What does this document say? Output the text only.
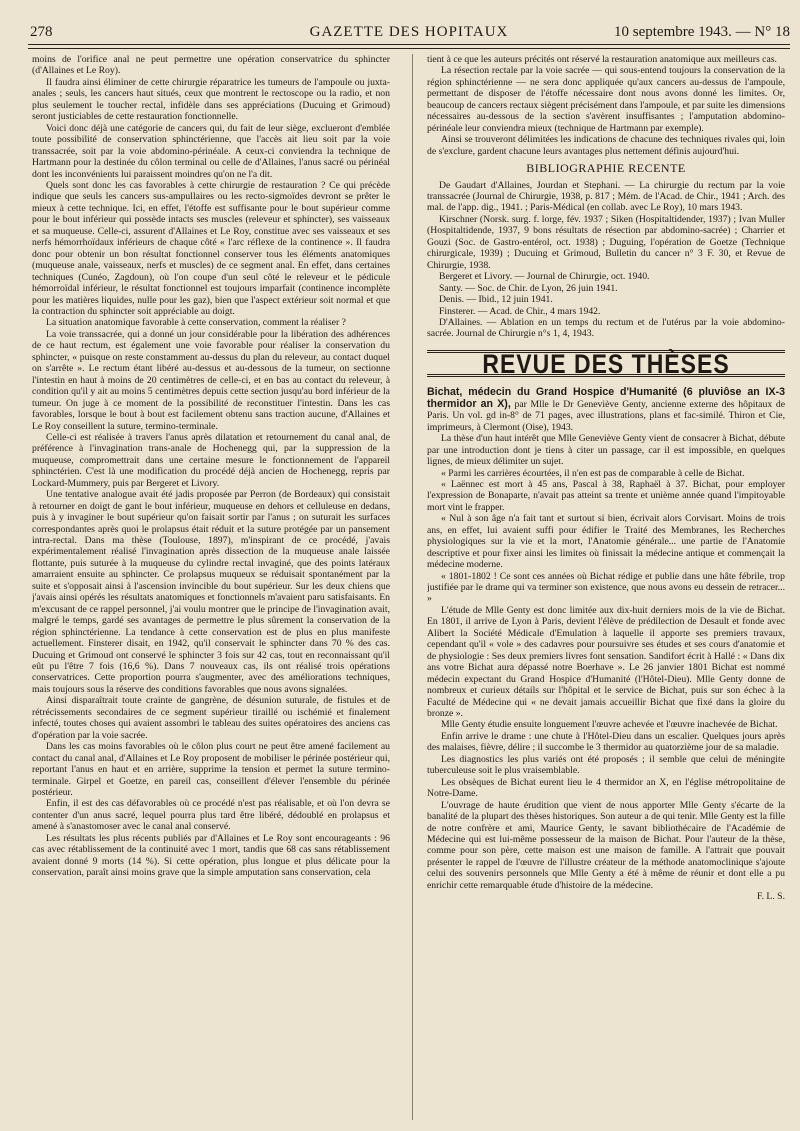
278	GAZETTE DES HOPITAUX	10 septembre 1943. — N° 18

moins de l'orifice anal ne peut permettre une opération conservatrice du sphincter (d'Allaines et Le Roy).

Il faudra ainsi éliminer de cette chirurgie réparatrice les tumeurs de l'ampoule ou juxta-anales ; seuls, les cancers haut situés, ceux que montrent le rectoscope ou la radio, et non plus seulement le toucher rectal, infidèle dans ses appréciations (Ducuing et Grimoud) seront justiciables de cette restauration fonctionnelle.

Voici donc déjà une catégorie de cancers qui, du fait de leur siège, exclueront d'emblée toute possibilité de conservation sphinctérienne, que l'accès ait lieu soit par la voie transsacrée, soit par la voie abdomino-périnéale. A ceux-ci conviendra la technique de Hartmann pour la destinée du côlon terminal ou celle de d'Allaines, l'anus sacré ou périnéal dont les inconvénients lui paraissent moindres qu'on ne l'a dit.

Quels sont donc les cas favorables à cette chirurgie de restauration ? Ce qui précède indique que seuls les cancers sus-ampullaires ou les recto-sigmoïdes devront se prêter le mieux à cette technique. Ici, en effet, l'étoffe est suffisante pour le bout supérieur comme pour le bout inférieur qui possède intacts ses muscles (releveur et sphincter), ses vaisseaux et sa muqueuse. Celle-ci, assurent d'Allaines et Le Roy, constitue avec ses vaisseaux et ses nerfs hémorrhoïdaux inférieurs de chaque côté « l'arc réflexe de la continence ». Il faudra donc pour obtenir un bon résultat fonctionnel conserver tous les éléments anatomiques (muqueuse anale, vaisseaux, nerfs et muscles) de ce segment anal. En effet, dans certaines techniques (Cunéo, Zagdoun), où l'on coupe d'un seul côté le releveur et le pédicule hémorroïdal inférieur, le résultat fonctionnel est toujours imparfait (continence incomplète pour les matières liquides, nulle pour les gaz), bien que l'aspect extérieur soit normal et que la contraction du sphincter soit appréciable au doigt.

La situation anatomique favorable à cette conservation, comment la réaliser ?

La voie transsacrée, qui a donné un jour considérable pour la libération des adhérences de ce haut rectum, est également une voie favorable pour réaliser la conservation du sphincter, « puisque on reste constamment au-dessus du plan du releveur, au contact duquel on s'arrête ». Le rectum étant libéré au-dessus et au-dessous de la tumeur, on sectionne l'intestin en haut à moins de 20 centimètres de celle-ci, et en bas au contact du releveur, à condition qu'il y ait au moins 5 centimètres depuis cette section jusqu'au bord inférieur de la tumeur. On juge à ce moment de la possibilité de reconstituer l'intestin. Dans les cas favorables, lorsque le bout à bout est facilement obtenu sans traction aucune, d'Allaines et Le Roy conseillent la suture, termino-terminale.

Celle-ci est réalisée à travers l'anus après dilatation et retournement du canal anal, de préférence à l'invagination trans-anale de Hochenegg qui, par la suppression de la muqueuse, compromettrait dans une certaine mesure le fonctionnement de l'appareil sphinctérien. C'est là une modification du procédé déjà ancien de Hochenegg, repris par Lockard-Mummery, puis par Bergeret et Livory.

Une tentative analogue avait été jadis proposée par Perron (de Bordeaux) qui consistait à retourner en doigt de gant le bout inférieur, muqueuse en dehors et celluleuse en dedans, puis à y invaginer le bout supérieur qu'on faisait sortir par l'anus ; on suturait les surfaces correspondantes après quoi le prolapsus était réduit et la suture protégée par un pansement intra-rectal. Dans ma thèse (Toulouse, 1897), m'inspirant de ce procédé, j'avais expérimentalement réalisé l'invagination après dissection de la muqueuse anale laissée flottante, puis suturée à la muqueuse du cylindre rectal invaginé, que des points latéraux amarraient ensuite au sphincter. Ce prolapsus muqueux se réduisait spontanément par la suite et s'opposait ainsi à l'ascension invincible du bout supérieur. Sur les deux chiens que j'avais ainsi opérés les résultats anatomiques et fonctionnels m'avaient paru satisfaisants. En m'excusant de ce rappel personnel, j'ai voulu montrer que le principe de l'invagination avait, malgré le temps, gardé ses avantages de permettre le plus sûrement la conservation de la région sphinctérienne. La tendance à cette conservation est de plus en plus manifeste actuellement. Finsterer disait, en 1942, qu'il conservait le sphincter dans 70 % des cas. Ducuing et Grimoud ont conservé le sphincter 3 fois sur 42 cas, tout en reconnaissant qu'il eût pu l'être 7 fois (16,6 %). Dans 7 nouveaux cas, ils ont réalisé trois opérations conservatrices. Cette proportion pourra s'augmenter, avec des améliorations techniques, mais toujours sous la réserve des conditions favorables que nous avons signalées.

Ainsi disparaîtrait toute crainte de gangrène, de désunion suturale, de fistules et de rétrécissements secondaires de ce segment supérieur tiraillé ou ischémié et finalement infecté, toutes choses qui avaient assombri le tableau des suites opératoires des anciens cas d'opération par la voie sacrée.

Dans les cas moins favorables où le côlon plus court ne peut être amené facilement au contact du canal anal, d'Allaines et Le Roy proposent de mobiliser le périnée postérieur qui, reportant l'anus en haut et en arrière, supprime la tension et permet la suture termino-terminale. Girpel et Goetze, en pareil cas, conseillent d'élever l'ensemble du périnée postérieur.

Enfin, il est des cas défavorables où ce procédé n'est pas réalisable, et où l'on devra se contenter d'un anus sacré, lequel pourra plus tard être libéré, dédoublé en prolapsus et amené à s'anastomoser avec le canal anal conservé.

Les résultats les plus récents publiés par d'Allaines et Le Roy sont encourageants : 96 cas avec rétablissement de la continuité avec 1 mort, tandis que 68 cas sans rétablissement avaient donné 9 morts (14 %). Si cette opération, plus longue et plus délicate pour la conservation, paraît ainsi moins grave que la simple amputation sans conservation, cela

tient à ce que les auteurs précités ont réservé la restauration anatomique aux meilleurs cas.

La résection rectale par la voie sacrée — qui sous-entend toujours la conservation de la région sphinctérienne — ne sera donc appliquée qu'aux cancers au-dessus de l'ampoule, permettant de disposer de l'étoffe nécessaire dont nous avons donné les limites. Or, beaucoup de cancers rectaux siègent précisément dans l'ampoule, et par suite les dimensions nécessaires au-dessous de la section s'avèrent insuffisantes ; l'amputation abdomino-périnéale leur conviendra mieux (technique de Hartmann par exemple).

Ainsi se trouveront délimitées les indications de chacune des techniques rivales qui, loin de s'exclure, gardent chacune leurs avantages plus nettement définis aujourd'hui.

BIBLIOGRAPHIE RECENTE

De Gaudart d'Allaines, Jourdan et Stephani. — La chirurgie du rectum par la voie transsacrée (Journal de Chirurgie, 1938, p. 817 ; Mém. de l'Acad. de Chir., 1941 ; Arch. des mal. de l'app. dig., 1941. ; Paris-Médical (en collab. avec Le Roy), 10 mars 1943.

Kirschner (Norsk. surg. f. lorge, fév. 1937 ; Siken (Hospitaltidender, 1937) ; Ivan Muller (Hospitaltidende, 1937, 9 bons résultats de résection par abdomino-sacrée) ; Charrier et Gouzi (Soc. de Gastro-entérol, oct. 1938) ; Duguing, l'opération de Goetze (Technique chirurgicale, 1939) ; Ducuing et Grimoud, Bulletin du cancer n° 3 F. 30, et Revue de Chirurgie, 1938.

Bergeret et Livory. — Journal de Chirurgie, oct. 1940.

Santy. — Soc. de Chir. de Lyon, 26 juin 1941.

Denis. — Ibid., 12 juin 1941.

Finsterer. — Acad. de Chir., 4 mars 1942.

D'Allaines. — Ablation en un temps du rectum et de l'utérus par la voie abdomino-sacrée. Journal de Chirurgie n°s 1, 4, 1943.

REVUE DES THÈSES

Bichat, médecin du Grand Hospice d'Humanité (6 pluviôse an IX-3 thermidor an X), par Mlle le Dr Geneviève Genty, ancienne externe des hôpitaux de Paris. Un vol. gd in-8° de 71 pages, avec illustrations, plans et fac-similé. Thiron et Cie, imprimeurs, à Clermont (Oise), 1943.

La thèse d'un haut intérêt que Mlle Geneviève Genty vient de consacrer à Bichat, débute par une introduction dont je tiens à citer un passage, car il est impossible, en quelques lignes, de mieux délimiter un sujet.

« Parmi les carrières écourtées, il n'en est pas de comparable à celle de Bichat.

« Laënnec est mort à 45 ans, Pascal à 38, Raphaël à 37. Bichat, pour employer l'expression de Bonaparte, n'avait pas atteint sa trente et unième année quand l'impitoyable mort vint le frapper.

« Nul à son âge n'a fait tant et surtout si bien, écrivait alors Corvisart. Moins de trois ans, en effet, lui avaient suffi pour édifier le Traité des Membranes, les Recherches physiologiques sur la vie et la mort, l'Anatomie générale... une partie de l'Anatomie descriptive et pour fixer ainsi les limites où finissait la médecine antique et commençait la médecine moderne.

« 1801-1802 ! Ce sont ces années où Bichat rédige et publie dans une hâte fébrile, trop justifiée par le drame qui va terminer son existence, que nous avons eu dessein de retracer... »

L'étude de Mlle Genty est donc limitée aux dix-huit derniers mois de la vie de Bichat. En 1801, il arrive de Lyon à Paris, devient l'élève de prédilection de Desault et fonde avec Alibert la Société Médicale d'Emulation à laquelle il apporte ses premiers travaux, cependant qu'il « vole » des cadavres pour poursuivre ses études et ses cours d'anatomie et de physiologie : Ses deux premiers livres font sensation. Sandifort écrit à Hallé : « Dans dix ans votre Bichat aura dépassé notre Boerhave ». Le 26 janvier 1801 Bichat est nommé médecin expectant du Grand Hospice d'Humanité (l'Hôtel-Dieu). Mlle Genty donne de nombreux et curieux détails sur l'hôpital et le service de Bichat, puis sur son échec à la Faculté de Médecine qui « ne devait jamais accueillir Bichat que fixé dans la gloire du bronze ».

Mlle Genty étudie ensuite longuement l'œuvre achevée et l'œuvre inachevée de Bichat.

Enfin arrive le drame : une chute à l'Hôtel-Dieu dans un escalier. Quelques jours après des malaises, fièvre, délire ; il succombe le 3 thermidor au quatorzième jour de sa maladie.

Les diagnostics les plus variés ont été proposés ; il semble que celui de méningite tuberculeuse soit le plus vraisemblable.

Les obsèques de Bichat eurent lieu le 4 thermidor an X, en l'église métropolitaine de Notre-Dame.

L'ouvrage de haute érudition que vient de nous apporter Mlle Genty s'écarte de la banalité de la plupart des thèses historiques. Son auteur a de qui tenir. Mlle Genty est la fille de notre confrère et ami, Maurice Genty, le savant bibliothécaire de l'Académie de Médecine qui est lui-même possesseur de la maison de Bichat. Pour l'auteur de la thèse, comme pour son père, cette maison est une maison de famille. A l'attrait que pouvait présenter le rappel de l'œuvre de l'illustre créateur de la méthode anatomoclinique s'ajoute celui des souvenirs personnels que Mlle Genty a été à même de réunir et dont elle a pu enrichir cette remarquable étude d'histoire de la médecine.

F. L. S.
